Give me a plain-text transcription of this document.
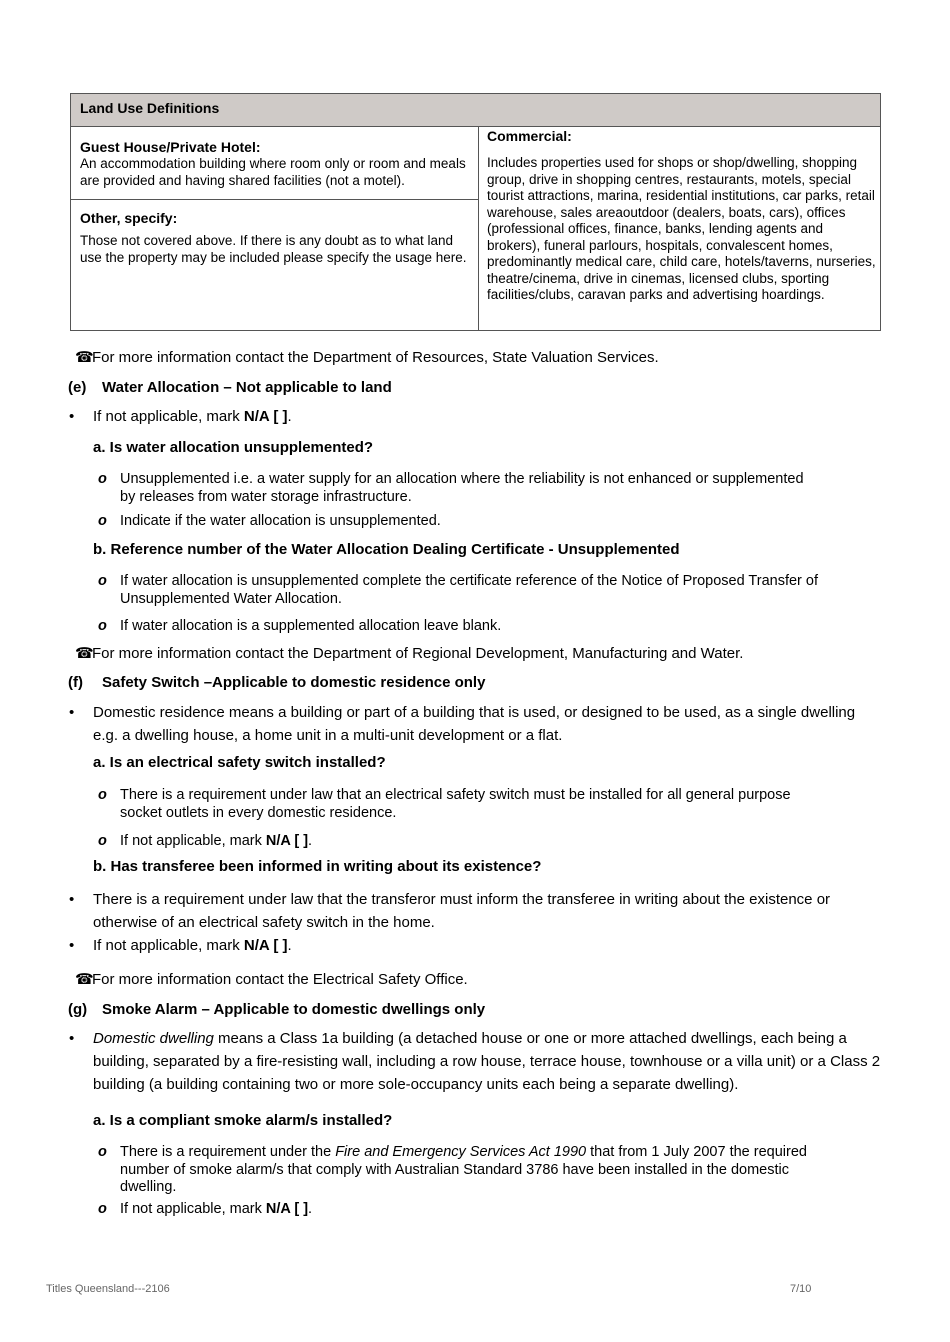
Land Use Definitions
Guest House/Private Hotel:
An accommodation building where room only or room and meals are provided and having shared facilities (not a motel).
Other, specify:
Those not covered above. If there is any doubt as to what land use the property may be included please specify the usage here.
Commercial:
Includes properties used for shops or shop/dwelling, shopping group, drive in shopping centres, restaurants, motels, special tourist attractions, marina, residential institutions, car parks, retail warehouse, sales areaoutdoor (dealers, boats, cars), offices (professional offices, finance, banks, lending agents and brokers), funeral parlours, hospitals, convalescent homes, predominantly medical care, child care, hotels/taverns, nurseries, theatre/cinema, drive in cinemas, licensed clubs, sporting facilities/clubs, caravan parks and advertising hoardings.
☎For more information contact the Department of Resources, State Valuation Services.
(e) Water Allocation – Not applicable to land
• If not applicable, mark N/A [ ].
a. Is water allocation unsupplemented?
o Unsupplemented i.e. a water supply for an allocation where the reliability is not enhanced or supplemented by releases from water storage infrastructure.
o Indicate if the water allocation is unsupplemented.
b. Reference number of the Water Allocation Dealing Certificate - Unsupplemented
o If water allocation is unsupplemented complete the certificate reference of the Notice of Proposed Transfer of Unsupplemented Water Allocation.
o If water allocation is a supplemented allocation leave blank.
☎For more information contact the Department of Regional Development, Manufacturing and Water.
(f) Safety Switch –Applicable to domestic residence only
• Domestic residence means a building or part of a building that is used, or designed to be used, as a single dwelling e.g. a dwelling house, a home unit in a multi-unit development or a flat.
a. Is an electrical safety switch installed?
o There is a requirement under law that an electrical safety switch must be installed for all general purpose socket outlets in every domestic residence.
o If not applicable, mark N/A [ ].
b. Has transferee been informed in writing about its existence?
• There is a requirement under law that the transferor must inform the transferee in writing about the existence or otherwise of an electrical safety switch in the home.
• If not applicable, mark N/A [ ].
☎For more information contact the Electrical Safety Office.
(g) Smoke Alarm – Applicable to domestic dwellings only
• Domestic dwelling means a Class 1a building (a detached house or one or more attached dwellings, each being a building, separated by a fire-resisting wall, including a row house, terrace house, townhouse or a villa unit) or a Class 2 building (a building containing two or more sole-occupancy units each being a separate dwelling).
a. Is a compliant smoke alarm/s installed?
o There is a requirement under the Fire and Emergency Services Act 1990 that from 1 July 2007 the required number of smoke alarm/s that comply with Australian Standard 3786 have been installed in the domestic dwelling.
o If not applicable, mark N/A [ ].
Titles Queensland---2106	7/10
